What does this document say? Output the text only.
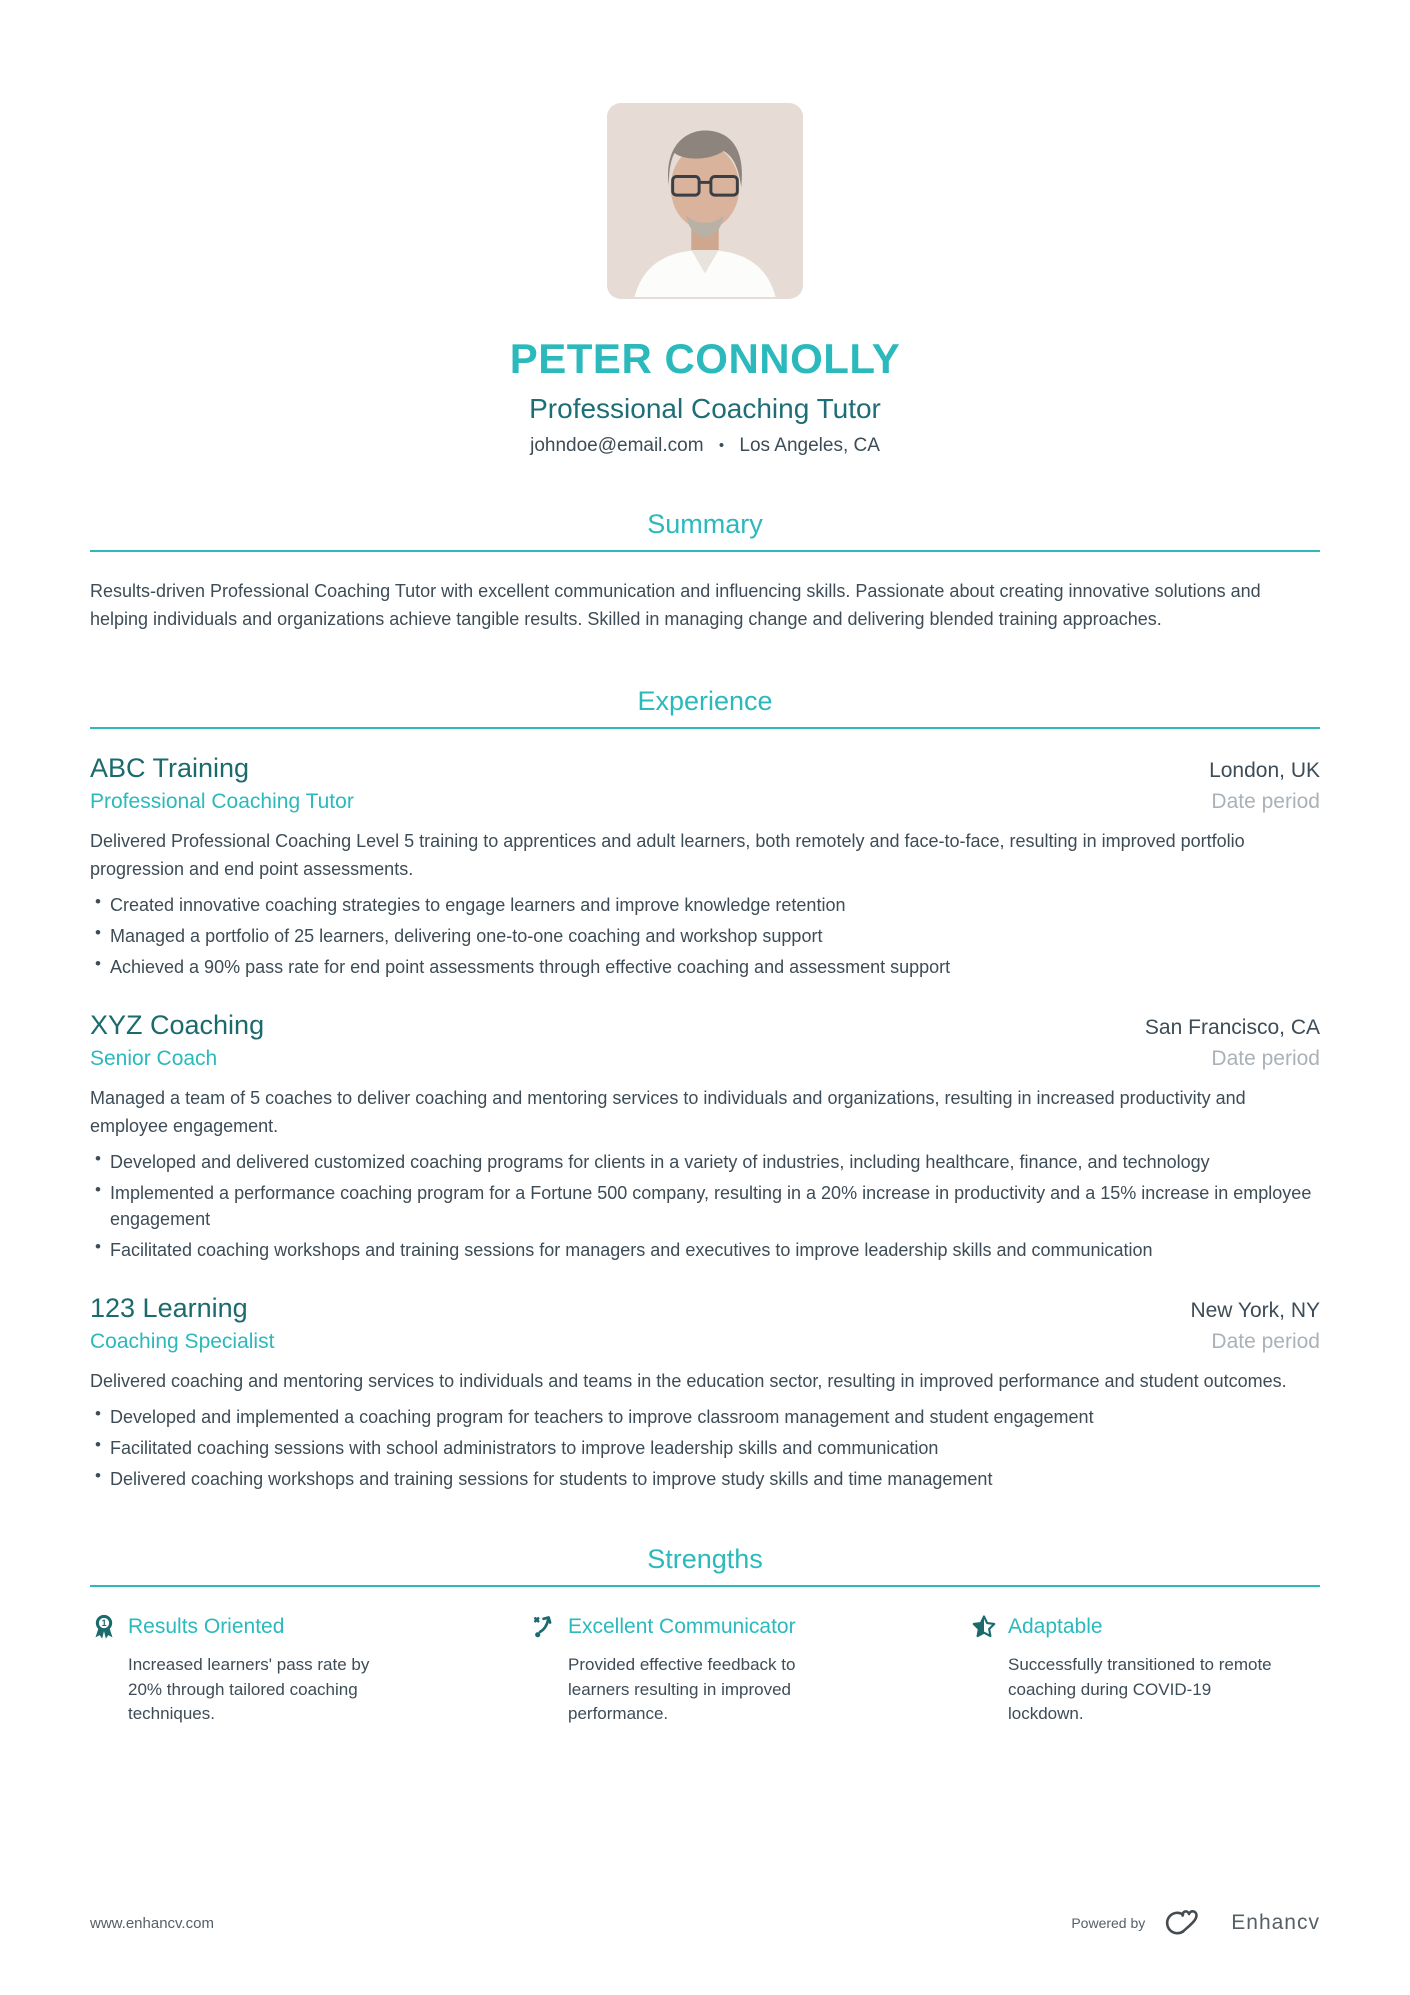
PETER CONNOLLY
Professional Coaching Tutor
johndoe@email.com • Los Angeles, CA
Summary

Results-driven Professional Coaching Tutor with excellent communication and influencing skills. Passionate about creating innovative solutions and helping individuals and organizations achieve tangible results. Skilled in managing change and delivering blended training approaches.

Experience
ABC Training	London, UK
Professional Coaching Tutor	Date period

Delivered Professional Coaching Level 5 training to apprentices and adult learners, both remotely and face-to-face, resulting in improved portfolio progression and end point assessments.

• Created innovative coaching strategies to engage learners and improve knowledge retention
• Managed a portfolio of 25 learners, delivering one-to-one coaching and workshop support
• Achieved a 90% pass rate for end point assessments through effective coaching and assessment support
XYZ Coaching	San Francisco, CA
Senior Coach	Date period

Managed a team of 5 coaches to deliver coaching and mentoring services to individuals and organizations, resulting in increased productivity and employee engagement.

• Developed and delivered customized coaching programs for clients in a variety of industries, including healthcare, finance, and technology
• Implemented a performance coaching program for a Fortune 500 company, resulting in a 20% increase in productivity and a 15% increase in employee engagement
• Facilitated coaching workshops and training sessions for managers and executives to improve leadership skills and communication
123 Learning	New York, NY
Coaching Specialist	Date period

Delivered coaching and mentoring services to individuals and teams in the education sector, resulting in improved performance and student outcomes.

• Developed and implemented a coaching program for teachers to improve classroom management and student engagement
• Facilitated coaching sessions with school administrators to improve leadership skills and communication
• Delivered coaching workshops and training sessions for students to improve study skills and time management
Strengths
1 Results Oriented

Increased learners' pass rate by 20% through tailored coaching techniques.

Excellent Communicator

Provided effective feedback to learners resulting in improved performance.

Adaptable

Successfully transitioned to remote coaching during COVID-19 lockdown.

www.enhancv.com	Powered by	Enhancv
